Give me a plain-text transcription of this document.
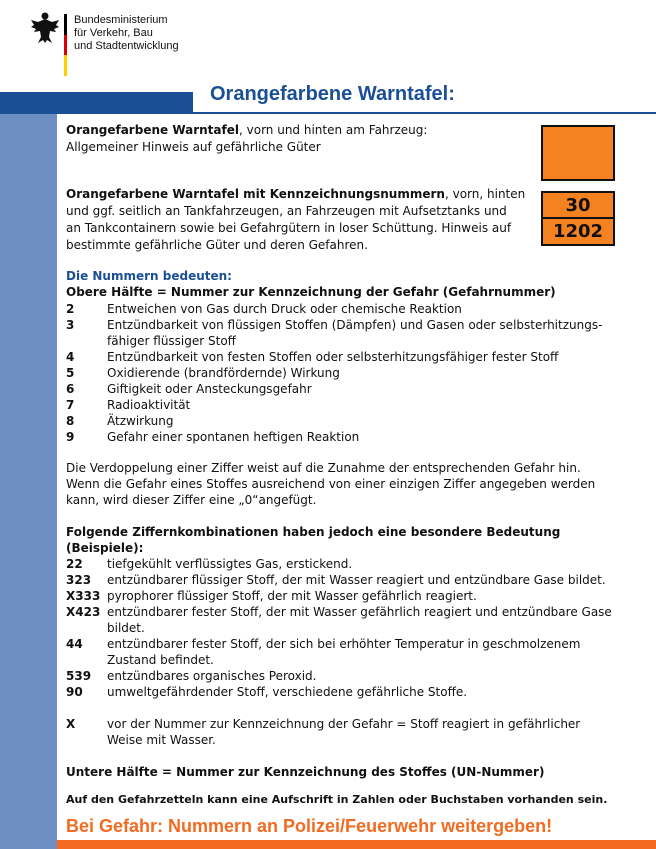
Bundesministerium
für Verkehr, Bau
und Stadtentwicklung
Orangefarbene Warntafel:
30
1202
Orangefarbene Warntafel, vorn und hinten am Fahrzeug:
Allgemeiner Hinweis auf gefährliche Güter
Orangefarbene Warntafel mit Kennzeichnungsnummern, vorn, hinten
und ggf. seitlich an Tankfahrzeugen, an Fahrzeugen mit Aufsetztanks und
an Tankcontainern sowie bei Gefahrgütern in loser Schüttung. Hinweis auf
bestimmte gefährliche Güter und deren Gefahren.
Die Nummern bedeuten:
Obere Hälfte = Nummer zur Kennzeichnung der Gefahr (Gefahrnummer)
2	Entweichen von Gas durch Druck oder chemische Reaktion
3	Entzündbarkeit von flüssigen Stoffen (Dämpfen) und Gasen oder selbsterhitzungs-
fähiger flüssiger Stoff
4	Entzündbarkeit von festen Stoffen oder selbsterhitzungsfähiger fester Stoff
5	Oxidierende (brandfördernde) Wirkung
6	Giftigkeit oder Ansteckungsgefahr
7	Radioaktivität
8	Ätzwirkung
9	Gefahr einer spontanen heftigen Reaktion
Die Verdoppelung einer Ziffer weist auf die Zunahme der entsprechenden Gefahr hin.
Wenn die Gefahr eines Stoffes ausreichend von einer einzigen Ziffer angegeben werden
kann, wird dieser Ziffer eine „0“angefügt.
Folgende Ziffernkombinationen haben jedoch eine besondere Bedeutung
(Beispiele):
22 tiefgekühlt verflüssigtes Gas, erstickend.
323 entzündbarer flüssiger Stoff, der mit Wasser reagiert und entzündbare Gase bildet.
X333 pyrophorer flüssiger Stoff, der mit Wasser gefährlich reagiert.
X423 entzündbarer fester Stoff, der mit Wasser gefährlich reagiert und entzündbare Gase
bildet.
44 entzündbarer fester Stoff, der sich bei erhöhter Temperatur in geschmolzenem
Zustand befindet.
539 entzündbares organisches Peroxid.
90 umweltgefährdender Stoff, verschiedene gefährliche Stoffe.
X	vor der Nummer zur Kennzeichnung der Gefahr = Stoff reagiert in gefährlicher
Weise mit Wasser.
Untere Hälfte = Nummer zur Kennzeichnung des Stoffes (UN-Nummer)
Auf den Gefahrzetteln kann eine Aufschrift in Zahlen oder Buchstaben vorhanden sein.
Bei Gefahr: Nummern an Polizei/Feuerwehr weitergeben!
